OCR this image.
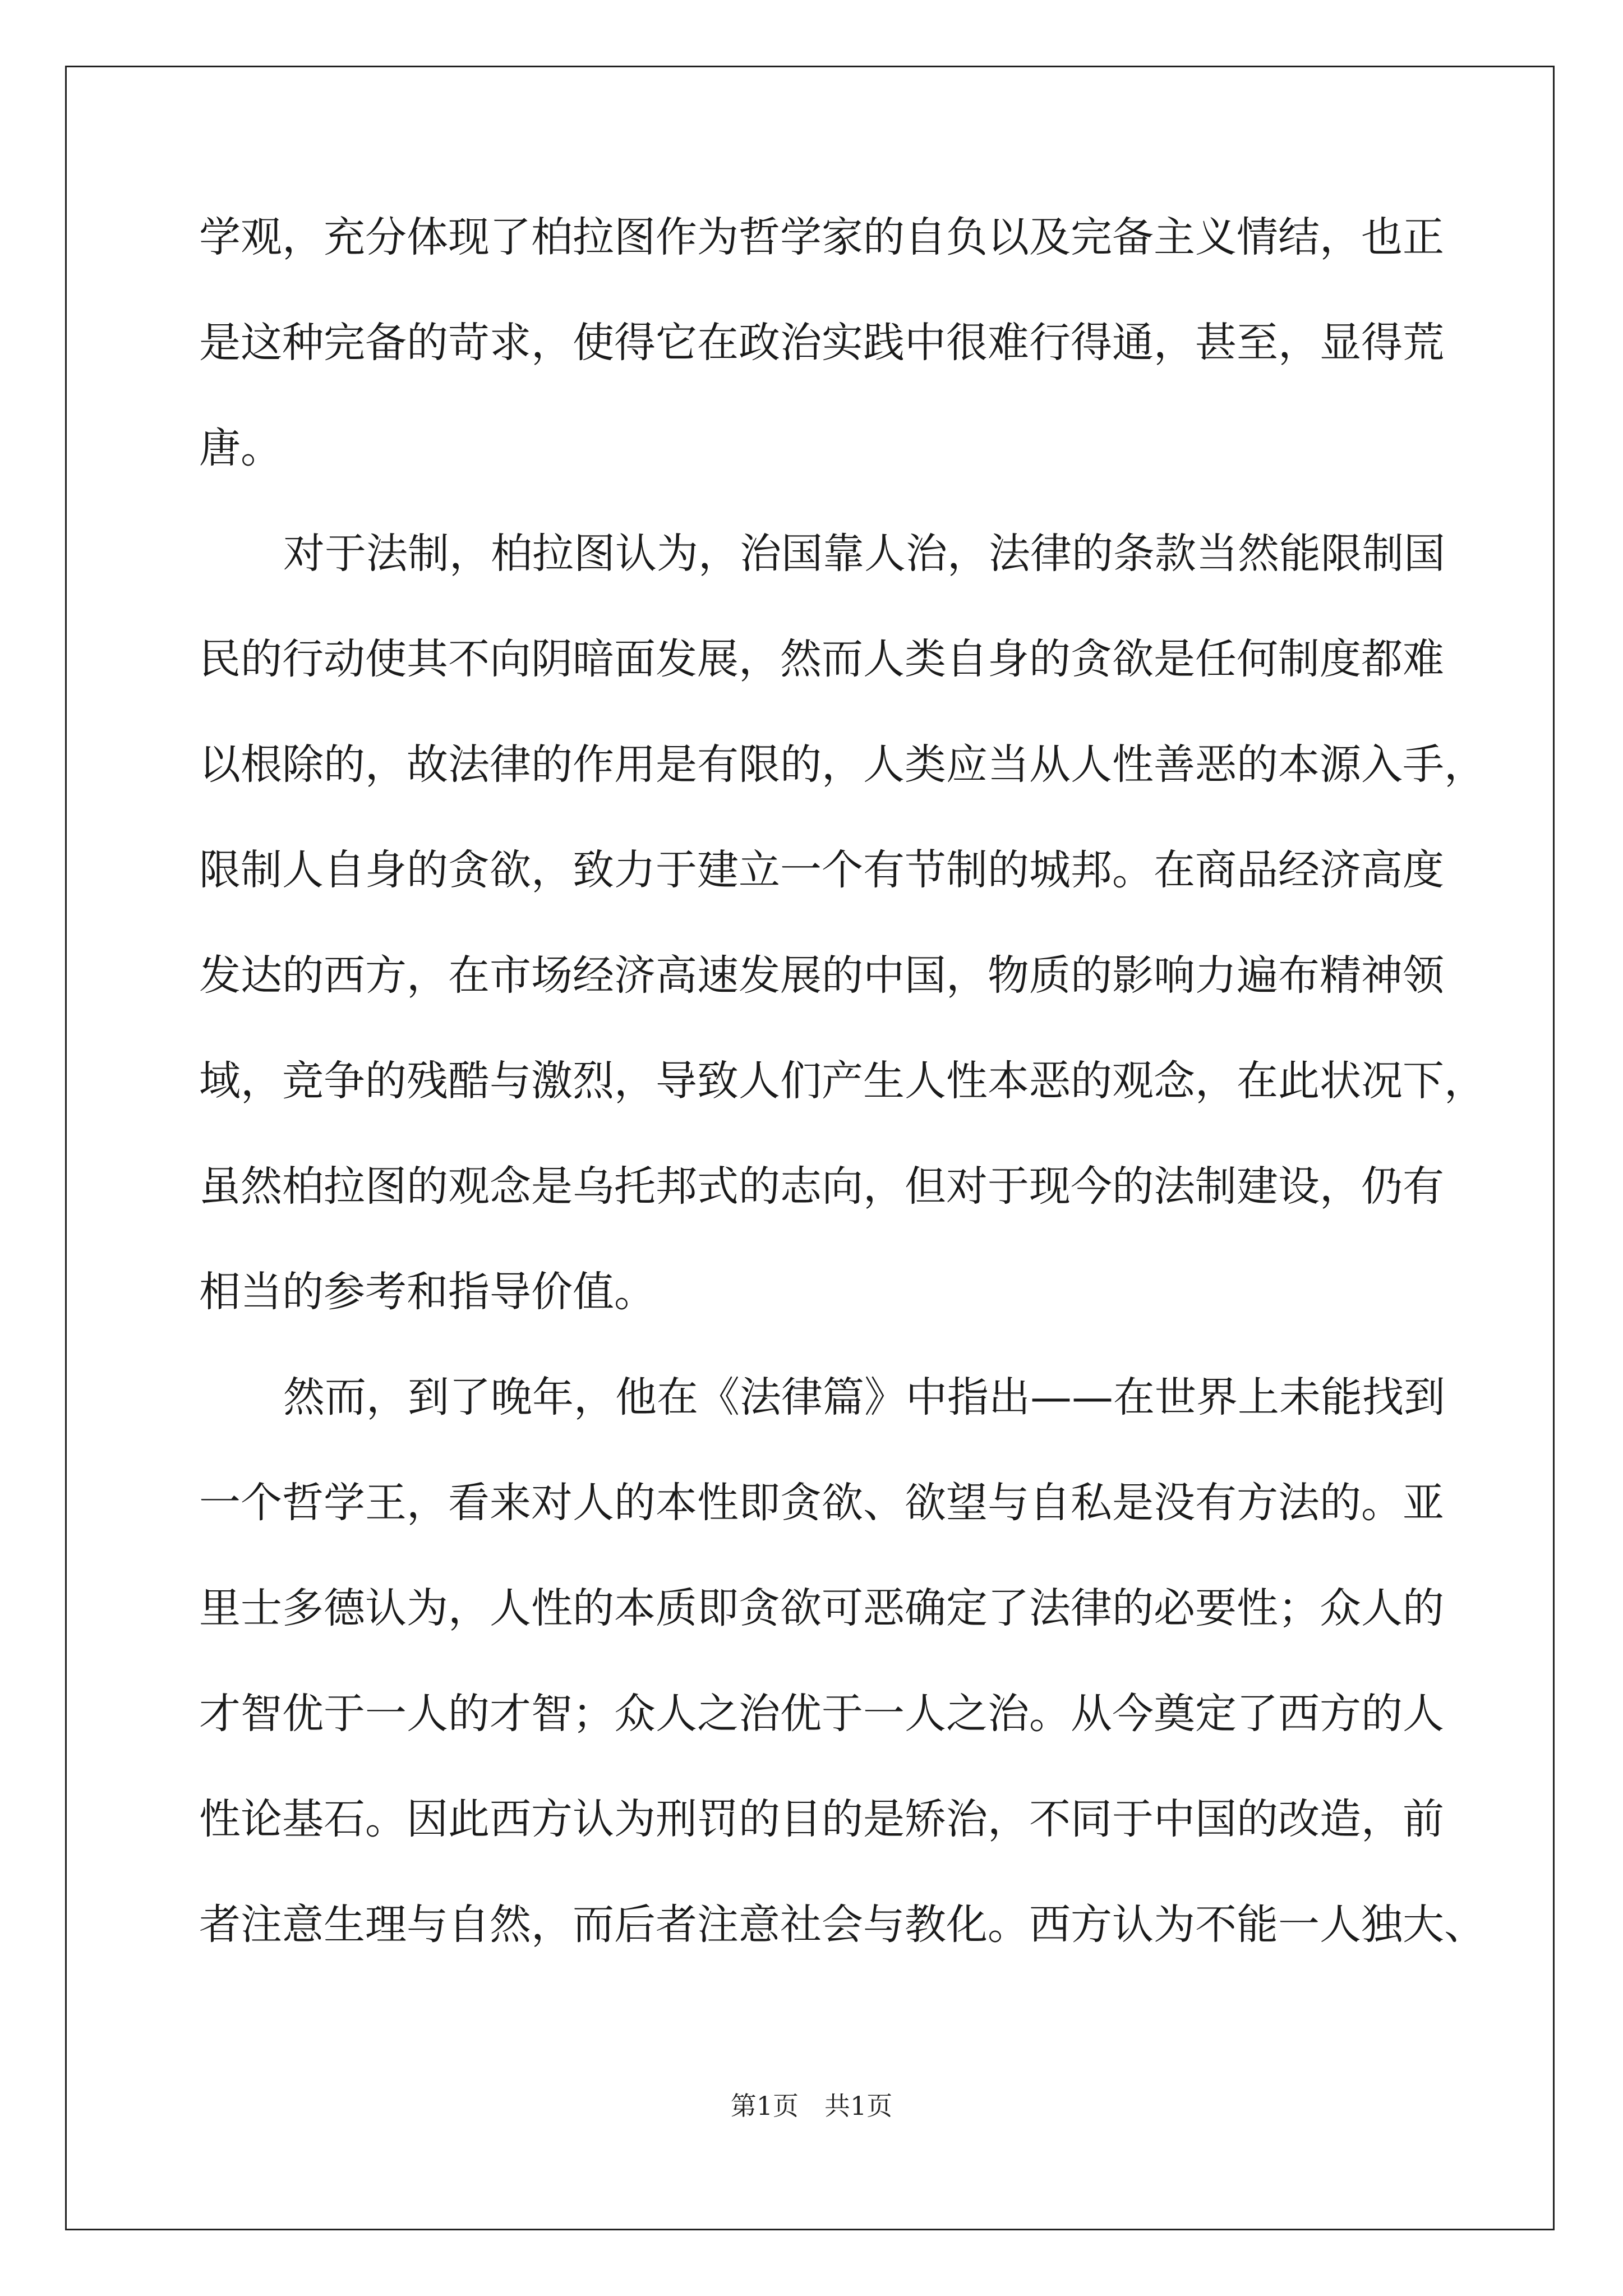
学观，充分体现了柏拉图作为哲学家的自负以及完备主义情结，也正
是这种完备的苛求，使得它在政治实践中很难行得通，甚至，显得荒
唐。
对于法制，柏拉图认为，治国靠人治，法律的条款当然能限制国
民的行动使其不向阴暗面发展，然而人类自身的贪欲是任何制度都难
以根除的，故法律的作用是有限的，人类应当从人性善恶的本源入手，
限制人自身的贪欲，致力于建立一个有节制的城邦。在商品经济高度
发达的西方，在市场经济高速发展的中国，物质的影响力遍布精神领
域，竞争的残酷与激烈，导致人们产生人性本恶的观念，在此状况下，
虽然柏拉图的观念是乌托邦式的志向，但对于现今的法制建设，仍有
相当的参考和指导价值。
然而，到了晚年，他在《法律篇》中指出——在世界上未能找到
一个哲学王，看来对人的本性即贪欲、欲望与自私是没有方法的。亚
里士多德认为，人性的本质即贪欲可恶确定了法律的必要性；众人的
才智优于一人的才智；众人之治优于一人之治。从今奠定了西方的人
性论基石。因此西方认为刑罚的目的是矫治，不同于中国的改造，前
者注意生理与自然，而后者注意社会与教化。西方认为不能一人独大、
第1页　共1页
